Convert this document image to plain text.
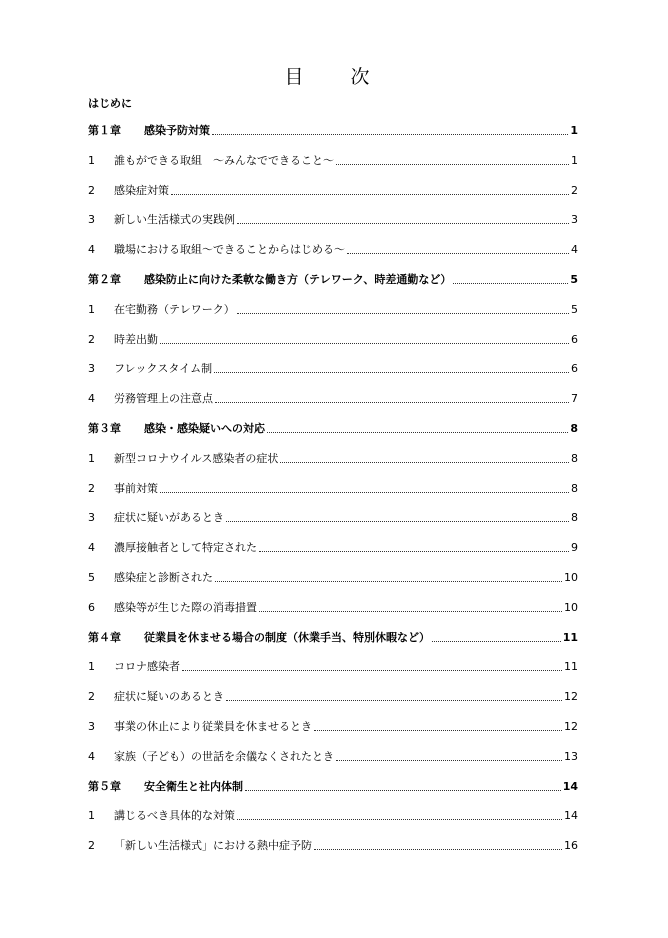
目　次
はじめに
第１章	感染予防対策	1
1	誰もができる取組　～みんなでできること～	1
2	感染症対策	2
3	新しい生活様式の実践例	3
4	職場における取組～できることからはじめる～	4
第２章	感染防止に向けた柔軟な働き方（テレワーク、時差通勤など）	5
1	在宅勤務（テレワーク）	5
2	時差出勤	6
3	フレックスタイム制	6
4	労務管理上の注意点	7
第３章	感染・感染疑いへの対応	8
1	新型コロナウイルス感染者の症状	8
2	事前対策	8
3	症状に疑いがあるとき	8
4	濃厚接触者として特定された	9
5	感染症と診断された	10
6	感染等が生じた際の消毒措置	10
第４章	従業員を休ませる場合の制度（休業手当、特別休暇など）	11
1	コロナ感染者	11
2	症状に疑いのあるとき	12
3	事業の休止により従業員を休ませるとき	12
4	家族（子ども）の世話を余儀なくされたとき	13
第５章	安全衛生と社内体制	14
1	講じるべき具体的な対策	14
2	「新しい生活様式」における熱中症予防	16
